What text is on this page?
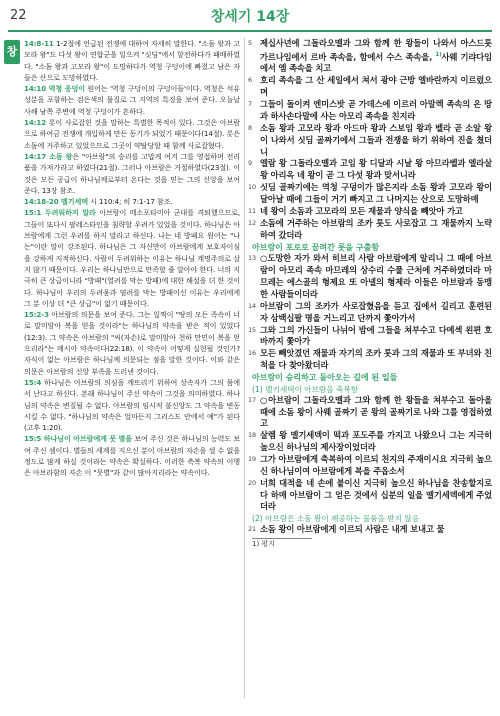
22	창세기 14장
창

14:8-11 1-2절에 언급된 전쟁에 대하여 자세히 말한다. "소돔 왕과 고모라 왕"도 다섯 왕이 연합군을 일으켜 "싯딤"에서 항전하다가 패배하였다. "소돔 왕과 고모라 왕"이 도망하다가 역청 구덩이에 빠졌고 남은 자들은 산으로 도망하였다.

14:10 역청 웅덩이 원어는 '역청 구덩이의 구덩이들'이다. 역청은 석유 성분을 포함하는 검은색의 물질로 그 지역의 특징을 보여 준다. 오늘날 사해 남쪽 주변에 역청 구덩이가 흔하다.

14:12 롯이 사로잡힌 것을 말하는 특별한 목적이 있다. 그것은 아브람으로 하여금 전쟁에 개입하게 만든 동기가 되었기 때문이다(14절). 롯은 소돔에 거주하고 있었으므로 그곳이 약탈당할 때 함께 사로잡혔다.

14:17 소돔 왕은 "아브람"의 승리를 고맙게 여겨 그를 영접하며 전리품을 가져가라고 하였다(21절). 그러나 아브람은 거절하였다(23절). 이것은 모든 공급이 하나님께로부터 온다는 것을 믿는 그의 신앙을 보여 준다. 13장 참조.

14:18-20 멜기세덱 시 110:4; 히 7:1-17 참조.

15:1 두려워하지 말라 아브람이 메소포타미아 군대를 격퇴했으므로, 그들이 또다시 팔레스타인을 침략할 우려가 있었을 것이다. 하나님은 아브람에게 그런 우려를 하지 말라고 하신다. 나는 네 방패요 원어는 "나는"이란 말이 강조된다. 하나님은 그 자신만이 아브람에게 보호자이심을 강하게 지적하신다. 사람이 두려워하는 이유는 하나님 계명주의로 살지 않기 때문이다. 우리는 하나님만으로 만족할 줄 알아야 한다. 너의 지극히 큰 상급이니라 "방패"(열려를 막는 방패)에 대한 해설을 더 한 것이다. 하나님이 우리의 두려움과 염려를 막는 방패이신 이유는 우리에게 그 분 이상 더 "큰 상급"이 없기 때문이다.

15:2-3 아브람의 의문을 보여 준다. 그는 일찍이 "땅의 모든 족속이 너로 말미암아 복을 얻을 것이라"는 하나님의 약속을 받은 적이 있었다(12:3). 그 약속은 아브람의 "씨(자손)로 말미암아 천하 만민이 복을 얻으리라"는 메시아 약속이다(22:18). 이 약속이 어떻게 실현될 것인가? 자식이 없는 아브람은 하나님께 의문되는 점을 말한 것이다. 이와 같은 의문은 아브람의 신앙 부족을 드러낸 것이다.

15:4 하나님은 아브람의 의심을 깨뜨리기 위하여 상속자가 그의 몸에서 난다고 하신다. 본래 하나님이 주신 약속이 그것을 의미하였다. 하나님의 약속은 변질될 수 없다. 아브람의 임시적 불신앙도 그 약속을 변동시킬 수 없다. "하나님의 약속은 얼마든지 그리스도 안에서 예"가 된다(고후 1:20).

15:5 하나님이 아브람에게 뭇 별을 보여 주신 것은 하나님의 능력도 보여 주신 셈이다. 별들의 세계를 지으신 분이 아브람의 자손을 셀 수 없을 정도로 많게 하실 것이라는 약속은 확실하다. 이러한 축복 약속의 이행은 아브라함의 자손 이 "뭇별"과 같이 많아지리라는 약속이다.

5 제십사년에 그돌라오멜과 그와 함께 한 왕들이 나와서 아스드롯 가르나임에서 르바 족속을, 함에서 수스 족속을, $^{1)}$사웨 기랴다임에서 엠 족속을 치고
6 호리 족속을 그 산 세일에서 쳐서 광야 근방 엘바란까지 이르렀으며
7 그들이 돌이켜 엔미스밧 곧 가데스에 이르러 아말렉 족속의 온 땅과 하사손다말에 사는 아모리 족속을 친지라
8 소돔 왕과 고모라 왕과 아드마 왕과 스보임 왕과 벨라 곧 소알 왕이 나와서 싯딤 골짜기에서 그들과 전쟁을 하기 위하여 진을 쳤더니
9 엘람 왕 그돌라오멜과 고임 왕 디달과 시날 왕 아므라벨과 엘라살 왕 아리옥 네 왕이 곧 그 다섯 왕과 맞서니라
10 싯딤 골짜기에는 역청 구덩이가 많은지라 소돔 왕과 고모라 왕이 달아날 때에 그들이 거기 빠지고 그 나머지는 산으로 도망하매
11 네 왕이 소돔과 고모라의 모든 재물과 양식을 빼앗아 가고
12 소돔에 거주하는 아브람의 조카 롯도 사로잡고 그 재물까지 노략하여 갔더라
아브람이 포로로 끌려간 롯을 구출함
13 ○도망한 자가 와서 히브리 사람 아브람에게 알리니 그 때에 아브람이 아모리 족속 마므레의 상수리 수풀 근처에 거주하였더라 마므레는 에스골의 형제요 또 아넬의 형제라 이들은 아브람과 동맹한 사람들이더라
14 아브람이 그의 조카가 사로잡혔음을 듣고 집에서 길리고 훈련된 자 삼백십팔 명을 거느리고 단까지 쫓아가서
15 그와 그의 가신들이 나뉘어 밤에 그들을 쳐부수고 다메섹 왼편 호바까지 쫓아가
16 모든 빼앗겼던 재물과 자기의 조카 롯과 그의 재물과 또 부녀와 친척을 다 찾아왔더라
아브람이 승리하고 돌아오는 길에 된 일들
(1) 멜기세덱이 아브람을 축복함
17 ○아브람이 그돌라오멜과 그와 함께 한 왕들을 쳐부수고 돌아올 때에 소돔 왕이 사웨 골짜기 곧 왕의 골짜기로 나와 그를 영접하였고
18 살렘 왕 멜기세덱이 떡과 포도주를 가지고 나왔으니 그는 지극히 높으신 하나님의 제사장이었더라
19 그가 아브람에게 축복하여 이르되 천지의 주재이시요 지극히 높으신 하나님이여 아브람에게 복을 주옵소서
20 너희 대적을 네 손에 붙이신 지극히 높으신 하나님을 찬송할지로다 하매 아브람이 그 얻은 것에서 십분의 일을 멜기세덱에게 주었더라
(2) 아브람은 소돔 왕이 제공하는 물품을 받지 않음
21 소돔 왕이 아브람에게 이르되 사람은 내게 보내고 물
1) 평지
